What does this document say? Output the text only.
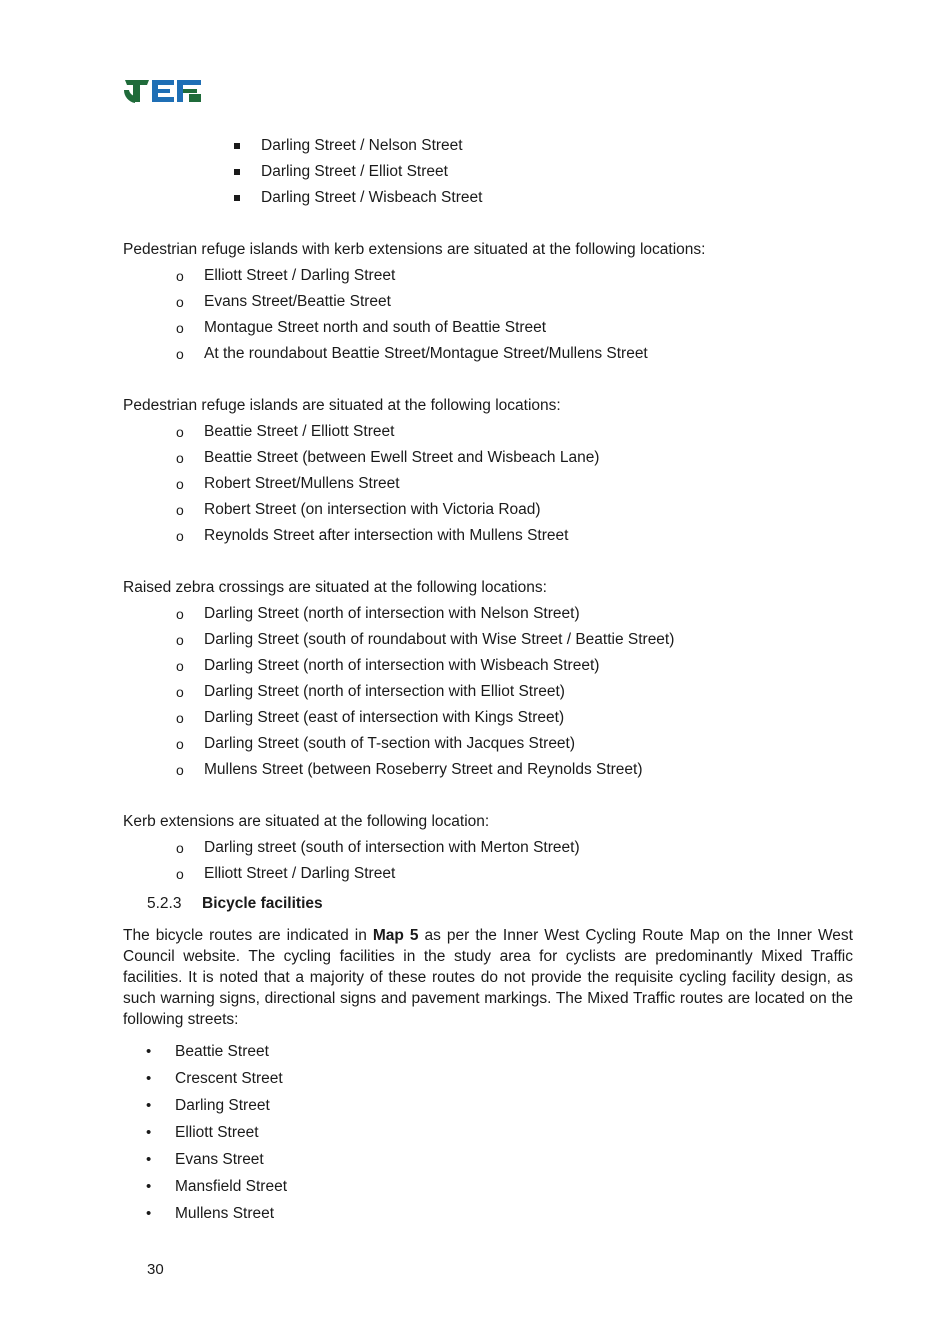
Darling Street / Nelson Street
Darling Street / Elliot Street
Darling Street / Wisbeach Street
Pedestrian refuge islands with kerb extensions are situated at the following locations:
o Elliott Street / Darling Street
o Evans Street/Beattie Street
o Montague Street north and south of Beattie Street
o At the roundabout Beattie Street/Montague Street/Mullens Street
Pedestrian refuge islands are situated at the following locations:
o Beattie Street / Elliott Street
o Beattie Street (between Ewell Street and Wisbeach Lane)
o Robert Street/Mullens Street
o Robert Street (on intersection with Victoria Road)
o Reynolds Street after intersection with Mullens Street
Raised zebra crossings are situated at the following locations:
o Darling Street (north of intersection with Nelson Street)
o Darling Street (south of roundabout with Wise Street / Beattie Street)
o Darling Street (north of intersection with Wisbeach Street)
o Darling Street (north of intersection with Elliot Street)
o Darling Street (east of intersection with Kings Street)
o Darling Street (south of T-section with Jacques Street)
o Mullens Street (between Roseberry Street and Reynolds Street)
Kerb extensions are situated at the following location:
o Darling street (south of intersection with Merton Street)
o Elliott Street / Darling Street
5.2.3 Bicycle facilities
The bicycle routes are indicated in Map 5 as per the Inner West Cycling Route Map on the Inner West Council website. The cycling facilities in the study area for cyclists are predominantly Mixed Traffic facilities. It is noted that a majority of these routes do not provide the requisite cycling facility design, as such warning signs, directional signs and pavement markings. The Mixed Traffic routes are located on the following streets:
• Beattie Street
• Crescent Street
• Darling Street
• Elliott Street
• Evans Street
• Mansfield Street
• Mullens Street
30
